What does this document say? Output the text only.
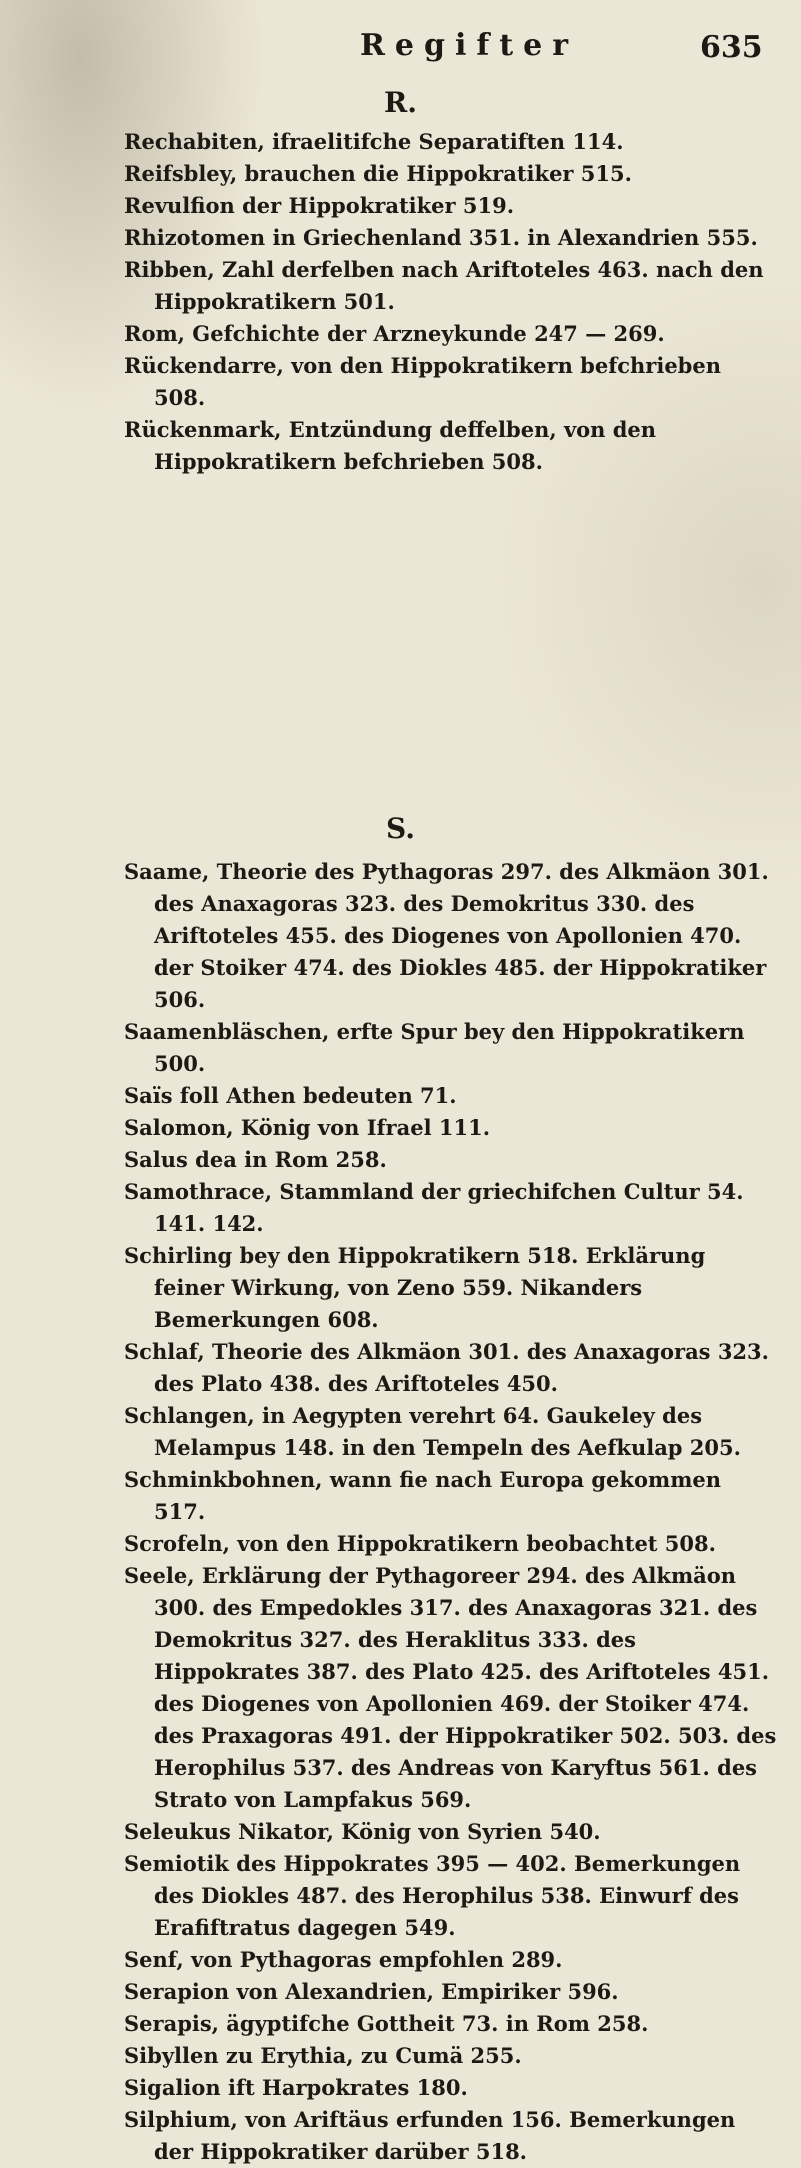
Regifter	635
R.
Rechabiten, ifraelitifche Separatiften 114.
Reifsbley, brauchen die Hippokratiker 515.
Revulfion der Hippokratiker 519.
Rhizotomen in Griechenland 351. in Alexandrien 555.
Ribben, Zahl derfelben nach Ariftoteles 463. nach den Hippokratikern 501.
Rom, Gefchichte der Arzneykunde 247 — 269.
Rückendarre, von den Hippokratikern befchrieben 508.
Rückenmark, Entzündung deffelben, von den Hippokratikern befchrieben 508.
S.
Saame, Theorie des Pythagoras 297. des Alkmäon 301. des Anaxagoras 323. des Demokritus 330. des Ariftoteles 455. des Diogenes von Apollonien 470. der Stoiker 474. des Diokles 485. der Hippokratiker 506.
Saamenbläschen, erfte Spur bey den Hippokratikern 500.
Saïs foll Athen bedeuten 71.
Salomon, König von Ifrael 111.
Salus dea in Rom 258.
Samothrace, Stammland der griechifchen Cultur 54. 141. 142.
Schirling bey den Hippokratikern 518. Erklärung feiner Wirkung, von Zeno 559. Nikanders Bemerkungen 608.
Schlaf, Theorie des Alkmäon 301. des Anaxagoras 323. des Plato 438. des Ariftoteles 450.
Schlangen, in Aegypten verehrt 64. Gaukeley des Melampus 148. in den Tempeln des Aefkulap 205.
Schminkbohnen, wann fie nach Europa gekommen 517.
Scrofeln, von den Hippokratikern beobachtet 508.
Seele, Erklärung der Pythagoreer 294. des Alkmäon 300. des Empedokles 317. des Anaxagoras 321. des Demokritus 327. des Heraklitus 333. des Hippokrates 387. des Plato 425. des Ariftoteles 451. des Diogenes von Apollonien 469. der Stoiker 474. des Praxagoras 491. der Hippokratiker 502. 503. des Herophilus 537. des Andreas von Karyftus 561. des Strato von Lampfakus 569.
Seleukus Nikator, König von Syrien 540.
Semiotik des Hippokrates 395 — 402. Bemerkungen des Diokles 487. des Herophilus 538. Einwurf des Erafiftratus dagegen 549.
Senf, von Pythagoras empfohlen 289.
Serapion von Alexandrien, Empiriker 596.
Serapis, ägyptifche Gottheit 73. in Rom 258.
Sibyllen zu Erythia, zu Cumä 255.
Sigalion ift Harpokrates 180.
Silphium, von Ariftäus erfunden 156. Bemerkungen der Hippokratiker darüber 518.
